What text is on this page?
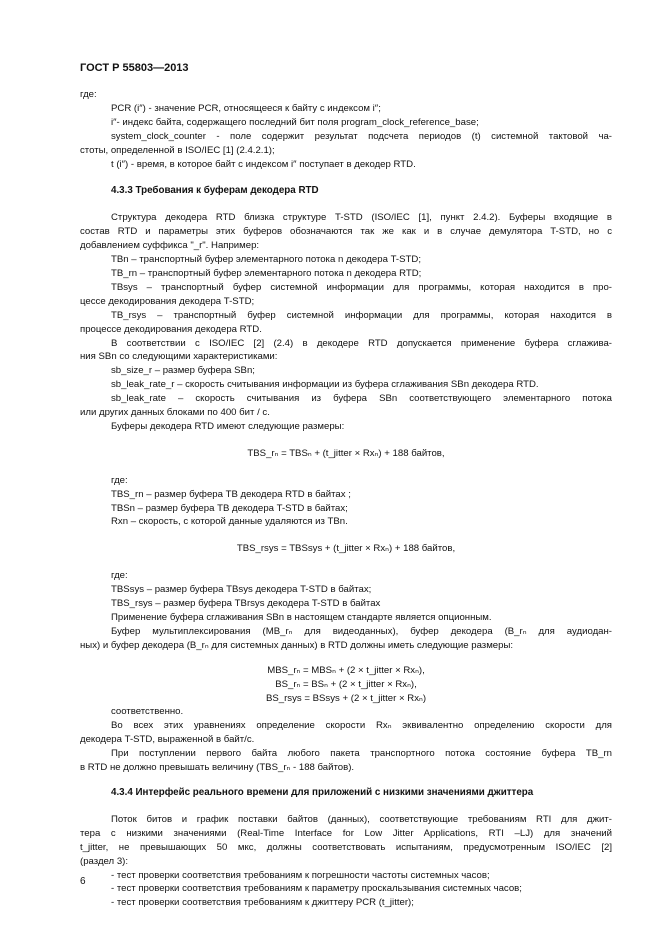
ГОСТ Р 55803—2013
где:
PCR (i″) - значение PCR, относящееся к байту с индексом i″;
i″- индекс байта, содержащего последний бит поля program_clock_reference_base;
system_clock_counter - поле содержит результат подсчета периодов (t) системной тактовой ча-
стоты, определенной в ISO/IEC [1] (2.4.2.1);
t (i″) - время, в которое байт с индексом i″ поступает в декодер RTD.
4.3.3 Требования к буферам декодера RTD
Структура декодера RTD близка структуре T-STD (ISO/IEC [1], пункт 2.4.2). Буферы входящие в
состав RTD и параметры этих буферов обозначаются так же как и в случае демулятора T-STD, но с
добавлением суффикса "_r". Например:
TBn – транспортный буфер элементарного потока n декодера T-STD;
TB_rn – транспортный буфер элементарного потока n декодера RTD;
TBsys – транспортный буфер системной информации для программы, которая находится в про-
цессе декодирования декодера T-STD;
TB_rsys – транспортный буфер системной информации для программы, которая находится в
процессе декодирования декодера RTD.
В соответствии с ISO/IEC [2] (2.4) в декодере RTD допускается применение буфера сглажива-
ния SBn со следующими характеристиками:
sb_size_r – размер буфера SBn;
sb_leak_rate_r – скорость считывания информации из буфера сглаживания SBn декодера RTD.
sb_leak_rate – скорость считывания из буфера SBn соответствующего элементарного потока
или других данных блоками по 400 бит / с.
Буферы декодера RTD имеют следующие размеры:
TBS_rₙ = TBSₙ + (t_jitter × Rxₙ) + 188 байтов,
где:
TBS_rn – размер буфера TB декодера RTD в байтах ;
TBSn – размер буфера TB декодера T-STD в байтах;
Rxn – скорость, с которой данные удаляются из TBn.
TBS_rsys = TBSsys + (t_jitter × Rxₙ) + 188 байтов,
где:
TBSsys – размер буфера TBsys декодера T-STD в байтах;
TBS_rsys – размер буфера TBrsys декодера T-STD в байтах
Применение буфера сглаживания SBn в настоящем стандарте является опционным.
Буфер мультиплексирования (MB_rₙ для видеоданных), буфер декодера (B_rₙ для аудиодан-
ных) и буфер декодера (B_rₙ для системных данных) в RTD должны иметь следующие размеры:
MBS_rₙ = MBSₙ + (2 × t_jitter × Rxₙ),
BS_rₙ = BSₙ + (2 × t_jitter × Rxₙ),
BS_rsys = BSsys + (2 × t_jitter × Rxₙ)
соответственно.
Во всех этих уравнениях определение скорости Rxₙ эквивалентно определению скорости для
декодера T-STD, выраженной в байт/с.
При поступлении первого байта любого пакета транспортного потока состояние буфера TB_rn
в RTD не должно превышать величину (TBS_rₙ - 188 байтов).
4.3.4 Интерфейс реального времени для приложений с низкими значениями джиттера
Поток битов и график поставки байтов (данных), соответствующие требованиям RTI для джит-
тера с низкими значениями (Real-Time Interface for Low Jitter Applications, RTI –LJ) для значений
t_jitter, не превышающих 50 мкс, должны соответствовать испытаниям, предусмотренным ISO/IEC [2]
(раздел 3):
- тест проверки соответствия требованиям к погрешности частоты системных часов;
- тест проверки соответствия требованиям к параметру проскальзывания системных часов;
- тест проверки соответствия требованиям к джиттеру PCR (t_jitter);
6
